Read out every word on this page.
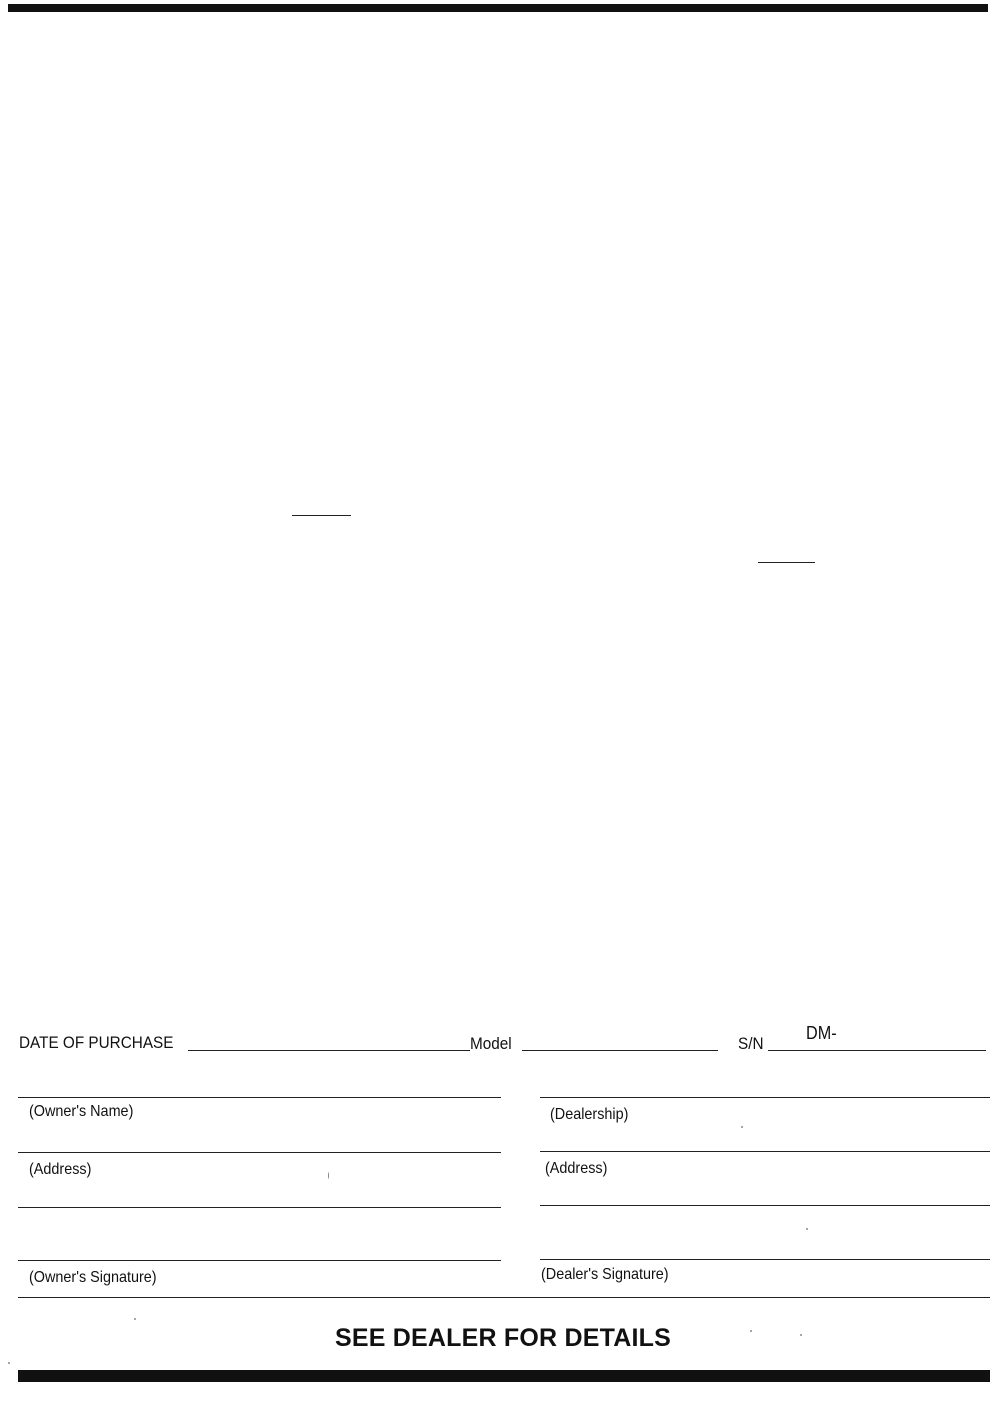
DATE OF PURCHASE	Model	S/N
DM-
(Owner's Name)
(Address)
(Owner's Signature)
(Dealership)
(Address)
(Dealer's Signature)
SEE DEALER FOR DETAILS
